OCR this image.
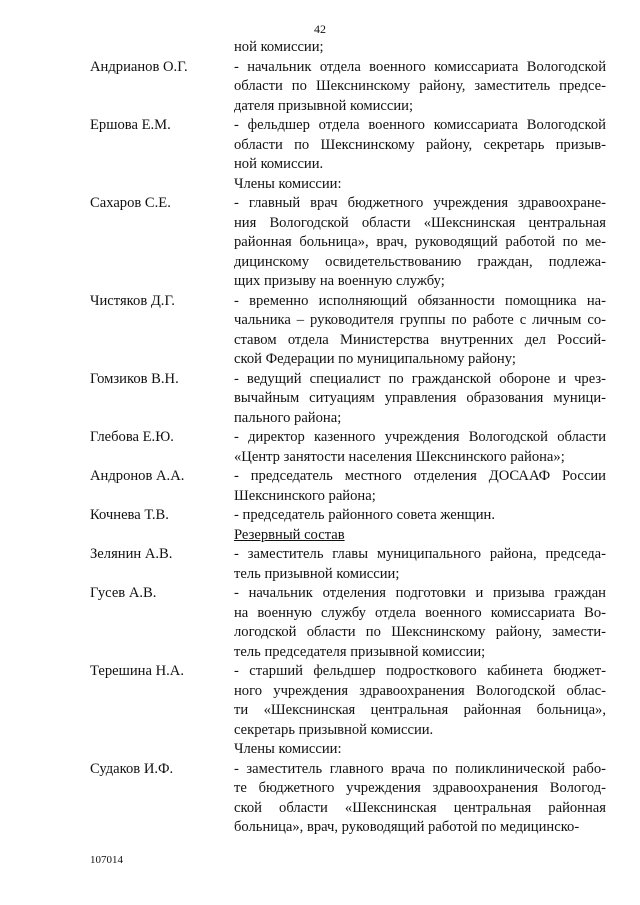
42
ной комиссии;
Андрианов О.Г.	- начальник отдела военного комиссариата Вологодской
области по Шекснинскому району, заместитель предсе-
дателя призывной комиссии;
Ершова Е.М.	- фельдшер отдела военного комиссариата Вологодской
области по Шекснинскому району, секретарь призыв-
ной комиссии.
Члены комиссии:
Сахаров С.Е.	- главный врач бюджетного учреждения здравоохране-
ния Вологодской области «Шекснинская центральная
районная больница», врач, руководящий работой по ме-
дицинскому освидетельствованию граждан, подлежа-
щих призыву на военную службу;
Чистяков Д.Г.	- временно исполняющий обязанности помощника на-
чальника – руководителя группы по работе с личным со-
ставом отдела Министерства внутренних дел Россий-
ской Федерации по муниципальному району;
Гомзиков В.Н.	- ведущий специалист по гражданской обороне и чрез-
вычайным ситуациям управления образования муници-
пального района;
Глебова Е.Ю.	- директор казенного учреждения Вологодской области
«Центр занятости населения Шекснинского района»;
Андронов А.А.	- председатель местного отделения ДОСААФ России
Шекснинского района;
Кочнева Т.В.	- председатель районного совета женщин.
Резервный состав
Зелянин А.В.	- заместитель главы муниципального района, председа-
тель призывной комиссии;
Гусев А.В.	- начальник отделения подготовки и призыва граждан
на военную службу отдела военного комиссариата Во-
логодской области по Шекснинскому району, замести-
тель председателя призывной комиссии;
Терешина Н.А.	- старший фельдшер подросткового кабинета бюджет-
ного учреждения здравоохранения Вологодской облас-
ти «Шекснинская центральная районная больница»,
секретарь призывной комиссии.
Члены комиссии:
Судаков И.Ф.	- заместитель главного врача по поликлинической рабо-
те бюджетного учреждения здравоохранения Вологод-
ской области «Шекснинская центральная районная
больница», врач, руководящий работой по медицинско-
107014
